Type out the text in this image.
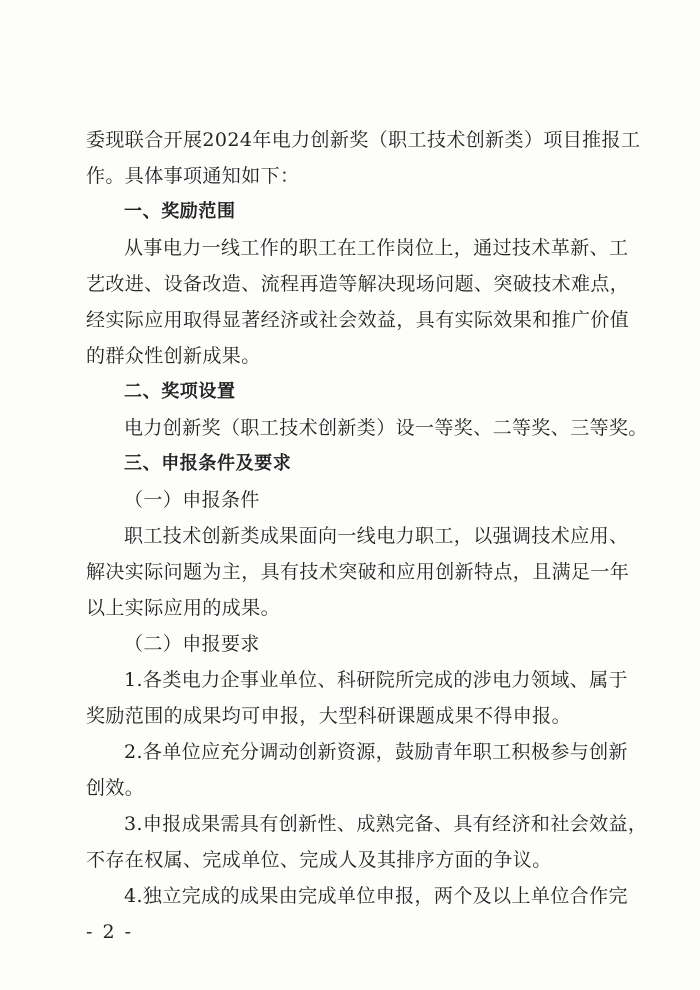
委现联合开展2024年电力创新奖（职工技术创新类）项目推报工
作。具体事项通知如下：
一、奖励范围
从事电力一线工作的职工在工作岗位上，通过技术革新、工
艺改进、设备改造、流程再造等解决现场问题、突破技术难点，
经实际应用取得显著经济或社会效益，具有实际效果和推广价值
的群众性创新成果。
二、奖项设置
电力创新奖（职工技术创新类）设一等奖、二等奖、三等奖。
三、申报条件及要求
（一）申报条件
职工技术创新类成果面向一线电力职工，以强调技术应用、
解决实际问题为主，具有技术突破和应用创新特点，且满足一年
以上实际应用的成果。
（二）申报要求
1.各类电力企事业单位、科研院所完成的涉电力领域、属于
奖励范围的成果均可申报，大型科研课题成果不得申报。
2.各单位应充分调动创新资源，鼓励青年职工积极参与创新
创效。
3.申报成果需具有创新性、成熟完备、具有经济和社会效益，
不存在权属、完成单位、完成人及其排序方面的争议。
4.独立完成的成果由完成单位申报，两个及以上单位合作完
- 2 -
